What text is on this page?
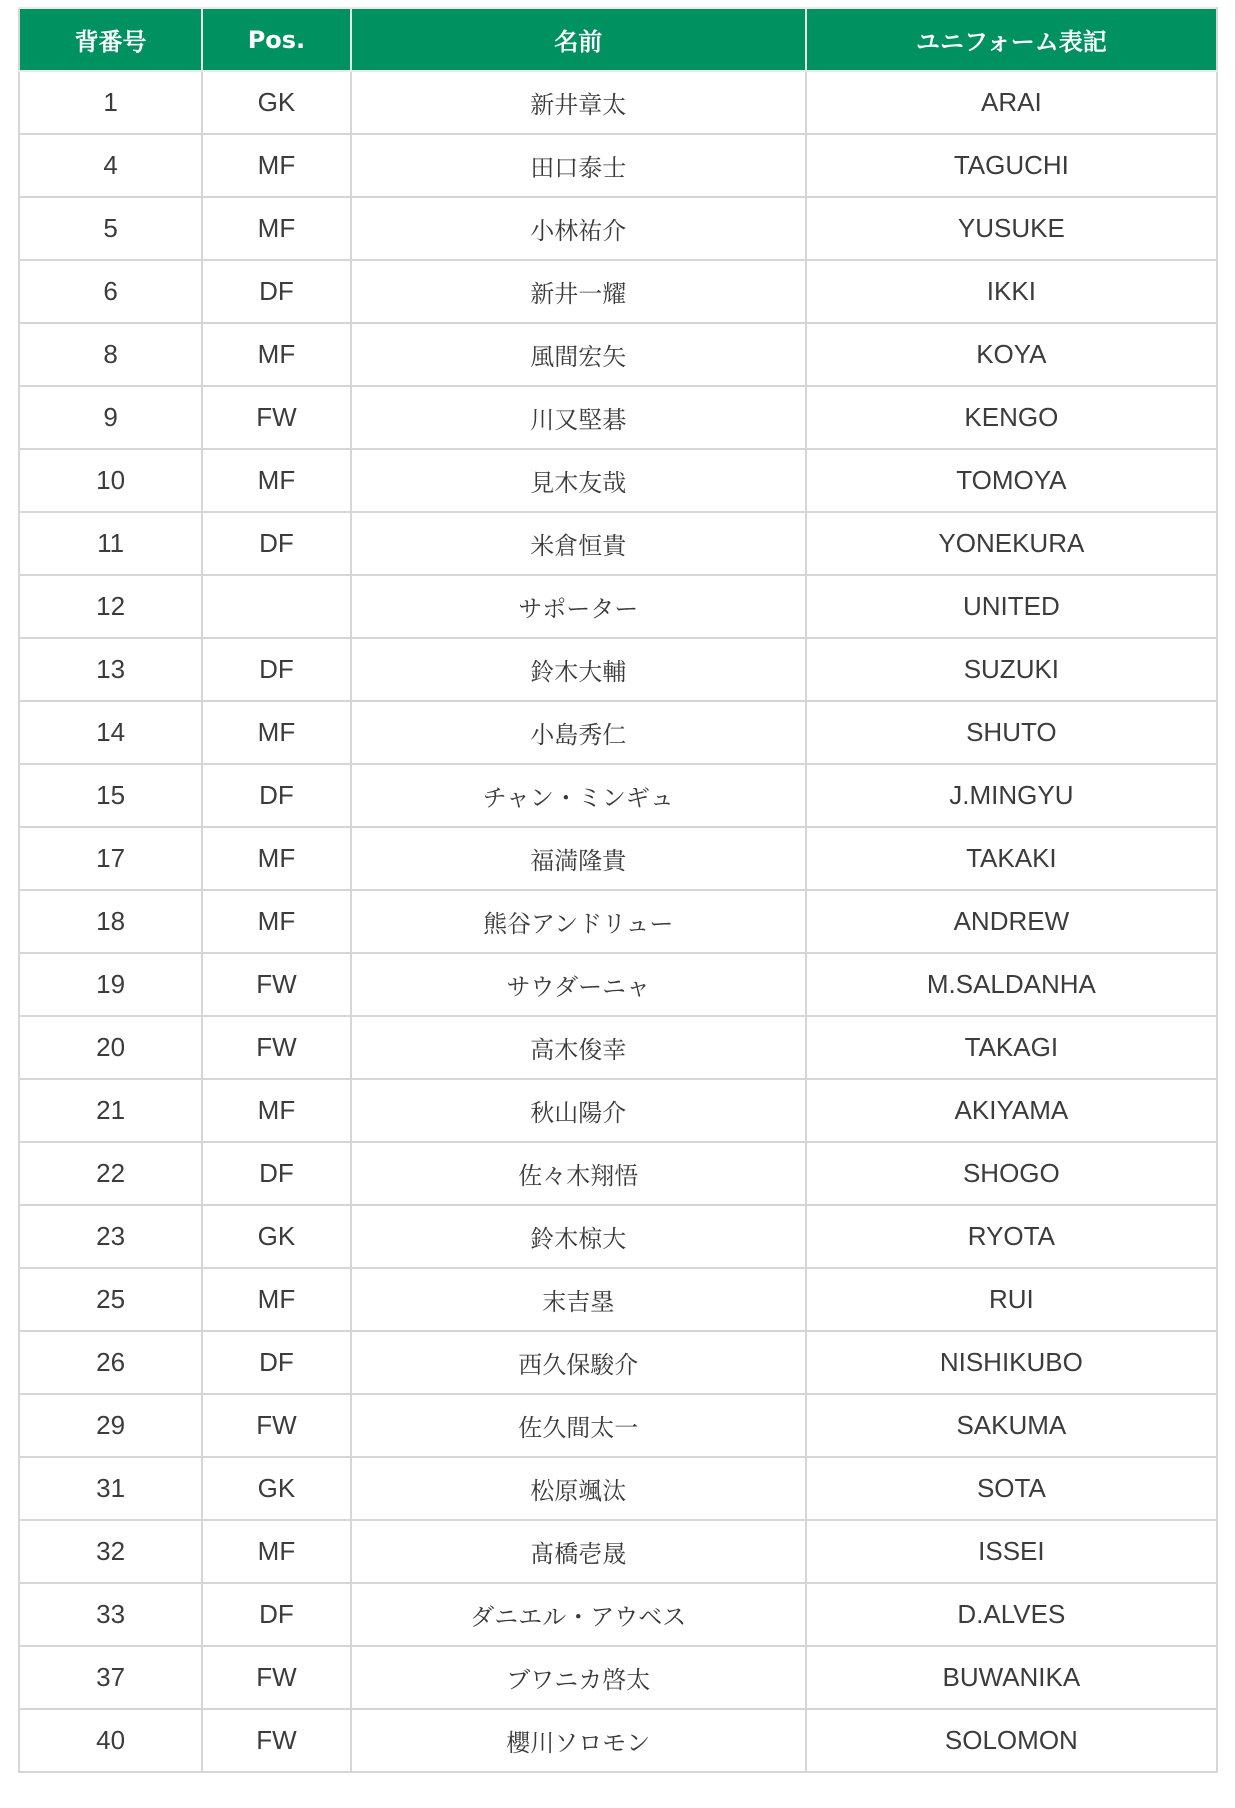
背番号	Pos.	名前	ユニフォーム表記
1	GK	新井章太	ARAI
4	MF	田口泰士	TAGUCHI
5	MF	小林祐介	YUSUKE
6	DF	新井一耀	IKKI
8	MF	風間宏矢	KOYA
9	FW	川又堅碁	KENGO
10	MF	見木友哉	TOMOYA
11	DF	米倉恒貴	YONEKURA
12		サポーター	UNITED
13	DF	鈴木大輔	SUZUKI
14	MF	小島秀仁	SHUTO
15	DF	チャン・ミンギュ	J.MINGYU
17	MF	福満隆貴	TAKAKI
18	MF	熊谷アンドリュー	ANDREW
19	FW	サウダーニャ	M.SALDANHA
20	FW	高木俊幸	TAKAGI
21	MF	秋山陽介	AKIYAMA
22	DF	佐々木翔悟	SHOGO
23	GK	鈴木椋大	RYOTA
25	MF	末吉塁	RUI
26	DF	西久保駿介	NISHIKUBO
29	FW	佐久間太一	SAKUMA
31	GK	松原颯汰	SOTA
32	MF	髙橋壱晟	ISSEI
33	DF	ダニエル・アウベス	D.ALVES
37	FW	ブワニカ啓太	BUWANIKA
40	FW	櫻川ソロモン	SOLOMON
